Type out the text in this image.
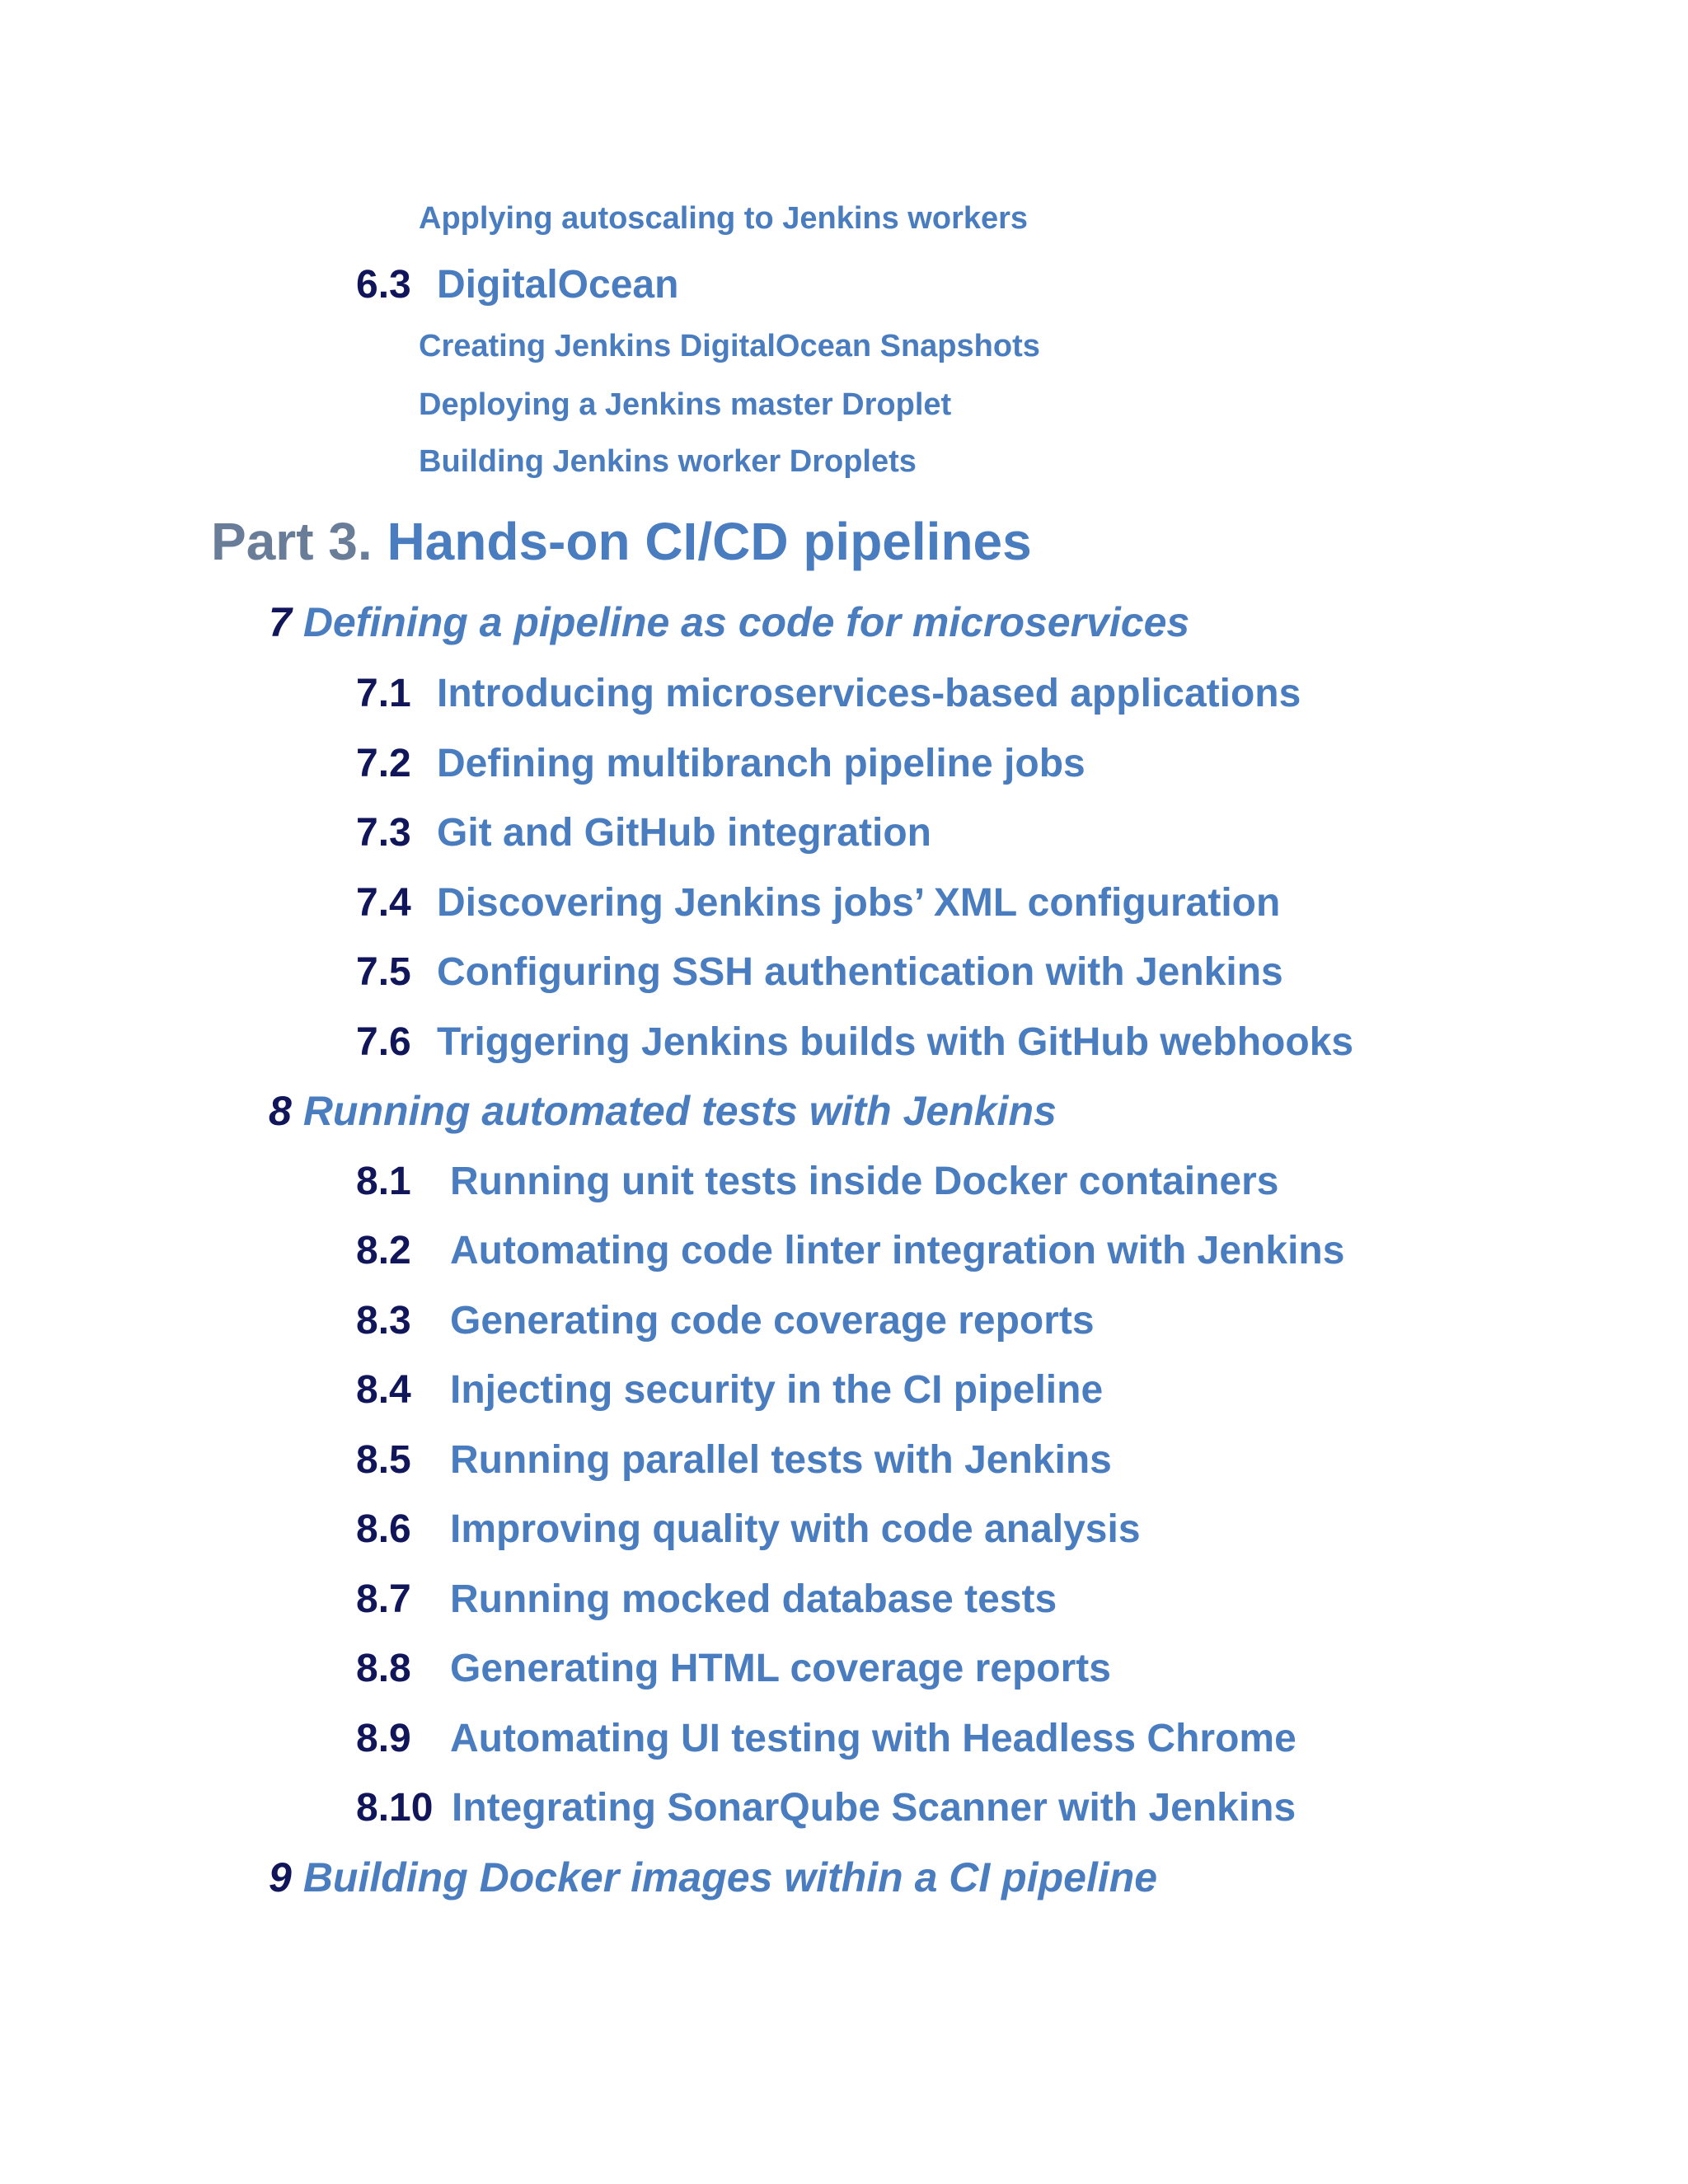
Applying autoscaling to Jenkins workers
6.3 DigitalOcean
Creating Jenkins DigitalOcean Snapshots
Deploying a Jenkins master Droplet
Building Jenkins worker Droplets
Part 3. Hands-on CI/CD pipelines
7 Defining a pipeline as code for microservices
7.1 Introducing microservices-based applications
7.2 Defining multibranch pipeline jobs
7.3 Git and GitHub integration
7.4 Discovering Jenkins jobs’ XML configuration
7.5 Configuring SSH authentication with Jenkins
7.6 Triggering Jenkins builds with GitHub webhooks
8 Running automated tests with Jenkins
8.1 Running unit tests inside Docker containers
8.2 Automating code linter integration with Jenkins
8.3 Generating code coverage reports
8.4 Injecting security in the CI pipeline
8.5 Running parallel tests with Jenkins
8.6 Improving quality with code analysis
8.7 Running mocked database tests
8.8 Generating HTML coverage reports
8.9 Automating UI testing with Headless Chrome
8.10 Integrating SonarQube Scanner with Jenkins
9 Building Docker images within a CI pipeline
